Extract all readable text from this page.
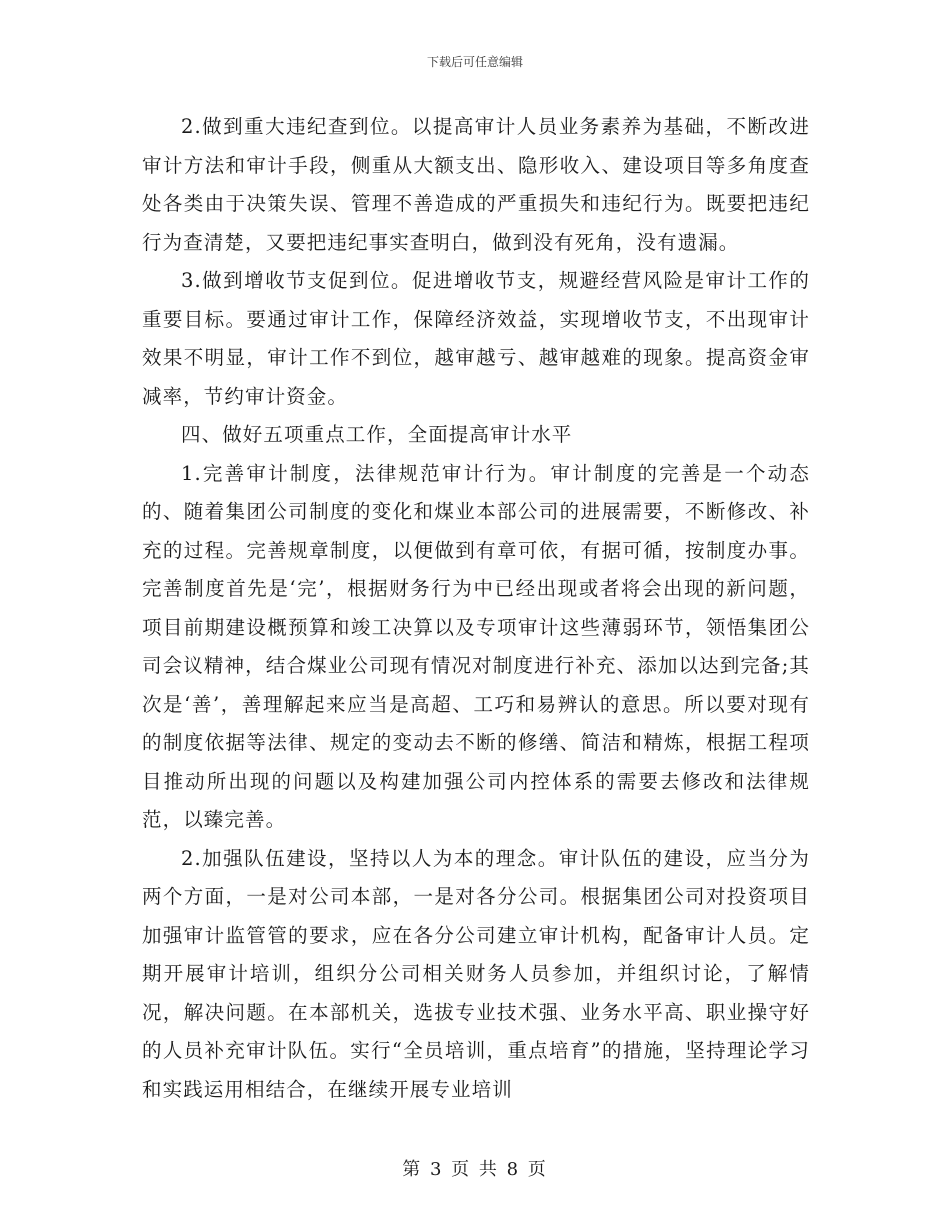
下载后可任意编辑

2.做到重大违纪查到位。以提高审计人员业务素养为基础，不断改进审计方法和审计手段，侧重从大额支出、隐形收入、建设项目等多角度查处各类由于决策失误、管理不善造成的严重损失和违纪行为。既要把违纪行为查清楚，又要把违纪事实查明白，做到没有死角，没有遗漏。

3.做到增收节支促到位。促进增收节支，规避经营风险是审计工作的重要目标。要通过审计工作，保障经济效益，实现增收节支，不出现审计效果不明显，审计工作不到位，越审越亏、越审越难的现象。提高资金审减率，节约审计资金。

四、做好五项重点工作，全面提高审计水平

1.完善审计制度，法律规范审计行为。审计制度的完善是一个动态的、随着集团公司制度的变化和煤业本部公司的进展需要，不断修改、补充的过程。完善规章制度，以便做到有章可依，有据可循，按制度办事。完善制度首先是‘完’，根据财务行为中已经出现或者将会出现的新问题，项目前期建设概预算和竣工决算以及专项审计这些薄弱环节，领悟集团公司会议精神，结合煤业公司现有情况对制度进行补充、添加以达到完备;其次是‘善’，善理解起来应当是高超、工巧和易辨认的意思。所以要对现有的制度依据等法律、规定的变动去不断的修缮、简洁和精炼，根据工程项目推动所出现的问题以及构建加强公司内控体系的需要去修改和法律规范，以臻完善。

2.加强队伍建设，坚持以人为本的理念。审计队伍的建设，应当分为两个方面，一是对公司本部，一是对各分公司。根据集团公司对投资项目加强审计监管管的要求，应在各分公司建立审计机构，配备审计人员。定期开展审计培训，组织分公司相关财务人员参加，并组织讨论，了解情况，解决问题。在本部机关，选拔专业技术强、业务水平高、职业操守好的人员补充审计队伍。实行“全员培训，重点培育”的措施，坚持理论学习和实践运用相结合，在继续开展专业培训

第 3 页 共 8 页
